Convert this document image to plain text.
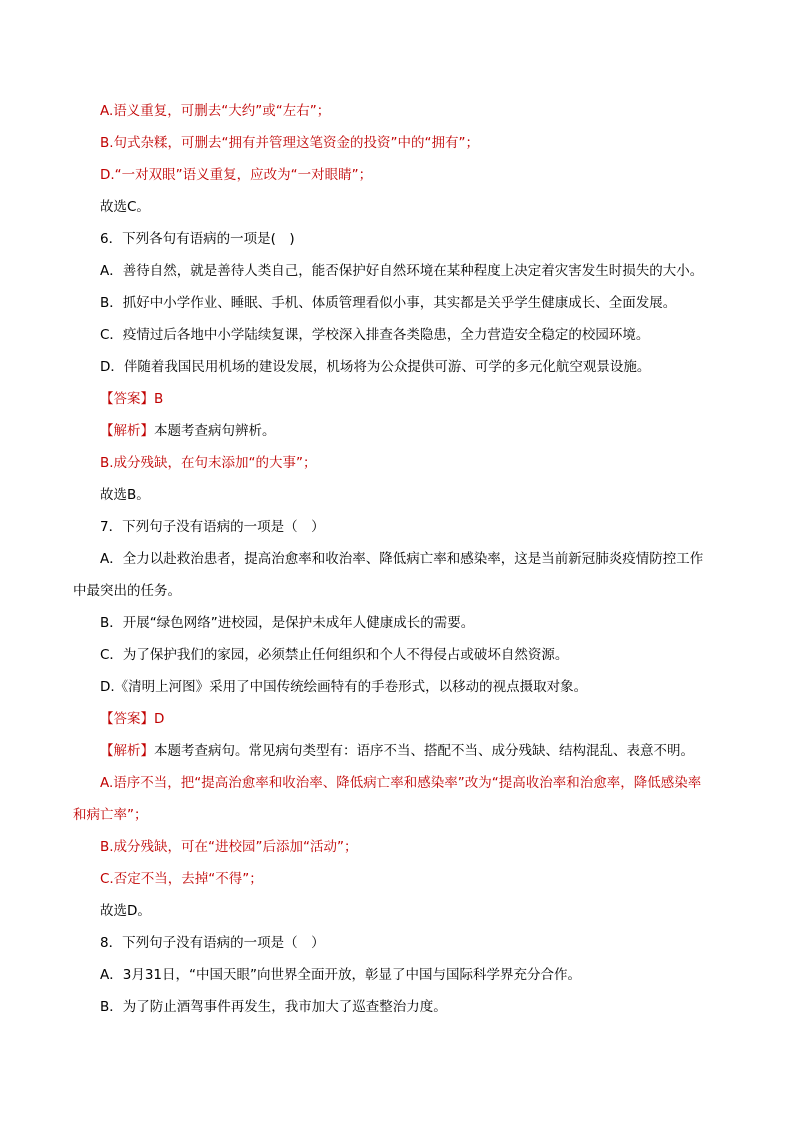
A.语义重复，可删去“大约”或“左右”；
B.句式杂糅，可删去“拥有并管理这笔资金的投资”中的“拥有”；
D.“一对双眼”语义重复，应改为“一对眼睛”；
故选C。
6．下列各句有语病的一项是(　)
A．善待自然，就是善待人类自己，能否保护好自然环境在某种程度上决定着灾害发生时损失的大小。
B．抓好中小学作业、睡眠、手机、体质管理看似小事，其实都是关乎学生健康成长、全面发展。
C．疫情过后各地中小学陆续复课，学校深入排查各类隐患，全力营造安全稳定的校园环境。
D．伴随着我国民用机场的建设发展，机场将为公众提供可游、可学的多元化航空观景设施。
【答案】B
【解析】本题考查病句辨析。
B.成分残缺，在句末添加“的大事”；
故选B。
7．下列句子没有语病的一项是（　）
A．全力以赴救治患者，提高治愈率和收治率、降低病亡率和感染率，这是当前新冠肺炎疫情防控工作
中最突出的任务。
B．开展“绿色网络”进校园，是保护未成年人健康成长的需要。
C．为了保护我们的家园，必须禁止任何组织和个人不得侵占或破坏自然资源。
D.《清明上河图》采用了中国传统绘画特有的手卷形式，以移动的视点摄取对象。
【答案】D
【解析】本题考查病句。常见病句类型有：语序不当、搭配不当、成分残缺、结构混乱、表意不明。
A.语序不当，把“提高治愈率和收治率、降低病亡率和感染率”改为“提高收治率和治愈率，降低感染率
和病亡率”；
B.成分残缺，可在“进校园”后添加“活动”；
C.否定不当，去掉“不得”；
故选D。
8．下列句子没有语病的一项是（　）
A．3月31日，“中国天眼”向世界全面开放，彰显了中国与国际科学界充分合作。
B．为了防止酒驾事件再发生，我市加大了巡查整治力度。
